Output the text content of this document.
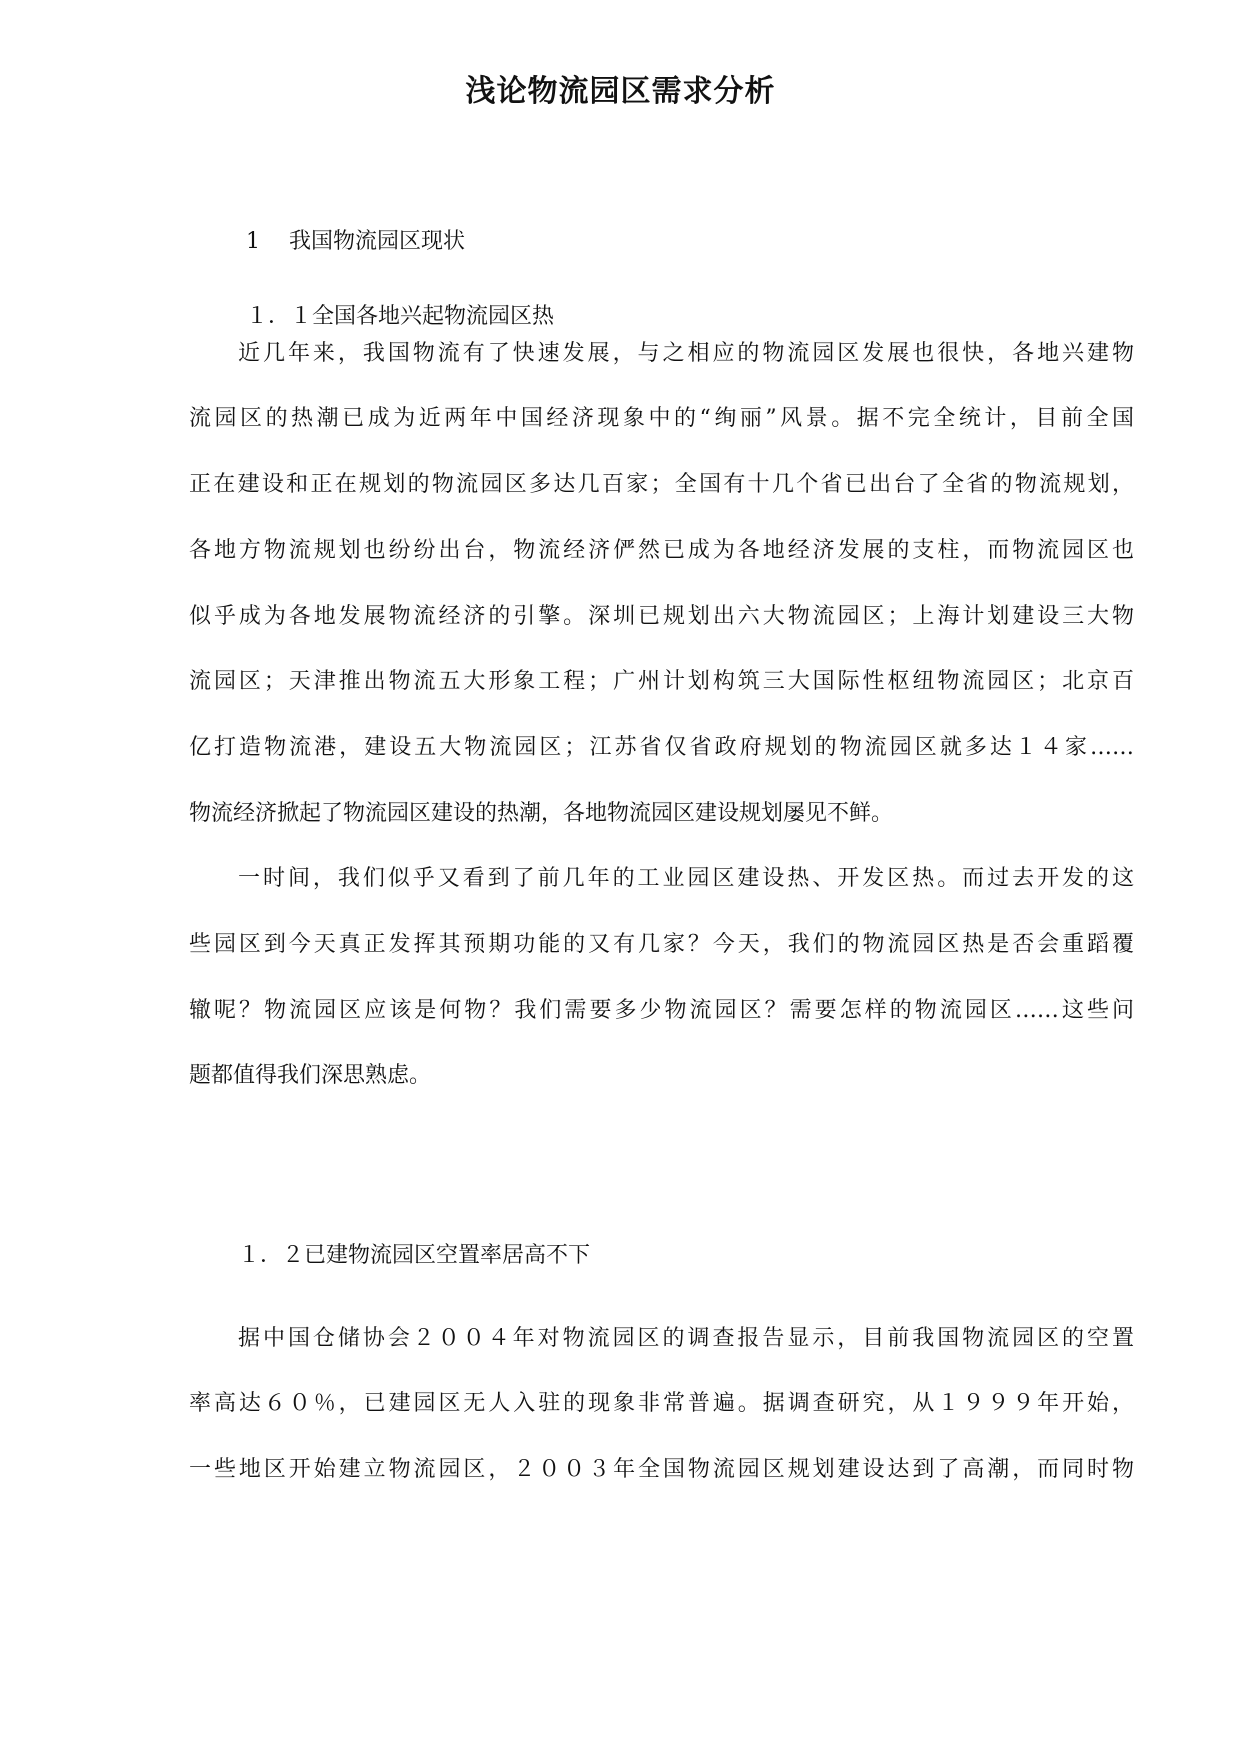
浅论物流园区需求分析
1　 我国物流园区现状
１．１全国各地兴起物流园区热
近几年来，我国物流有了快速发展，与之相应的物流园区发展也很快，各地兴建物
流园区的热潮已成为近两年中国经济现象中的“绚丽”风景。据不完全统计，目前全国
正在建设和正在规划的物流园区多达几百家；全国有十几个省已出台了全省的物流规划，
各地方物流规划也纷纷出台，物流经济俨然已成为各地经济发展的支柱，而物流园区也
似乎成为各地发展物流经济的引擎。深圳已规划出六大物流园区；上海计划建设三大物
流园区；天津推出物流五大形象工程；广州计划构筑三大国际性枢纽物流园区；北京百
亿打造物流港，建设五大物流园区；江苏省仅省政府规划的物流园区就多达１４家……
物流经济掀起了物流园区建设的热潮，各地物流园区建设规划屡见不鲜。
一时间，我们似乎又看到了前几年的工业园区建设热、开发区热。而过去开发的这
些园区到今天真正发挥其预期功能的又有几家？今天，我们的物流园区热是否会重蹈覆
辙呢？物流园区应该是何物？我们需要多少物流园区？需要怎样的物流园区……这些问
题都值得我们深思熟虑。
１．２已建物流园区空置率居高不下
据中国仓储协会２００４年对物流园区的调查报告显示，目前我国物流园区的空置
率高达６０％，已建园区无人入驻的现象非常普遍。据调查研究，从１９９９年开始，
一些地区开始建立物流园区，２００３年全国物流园区规划建设达到了高潮，而同时物
